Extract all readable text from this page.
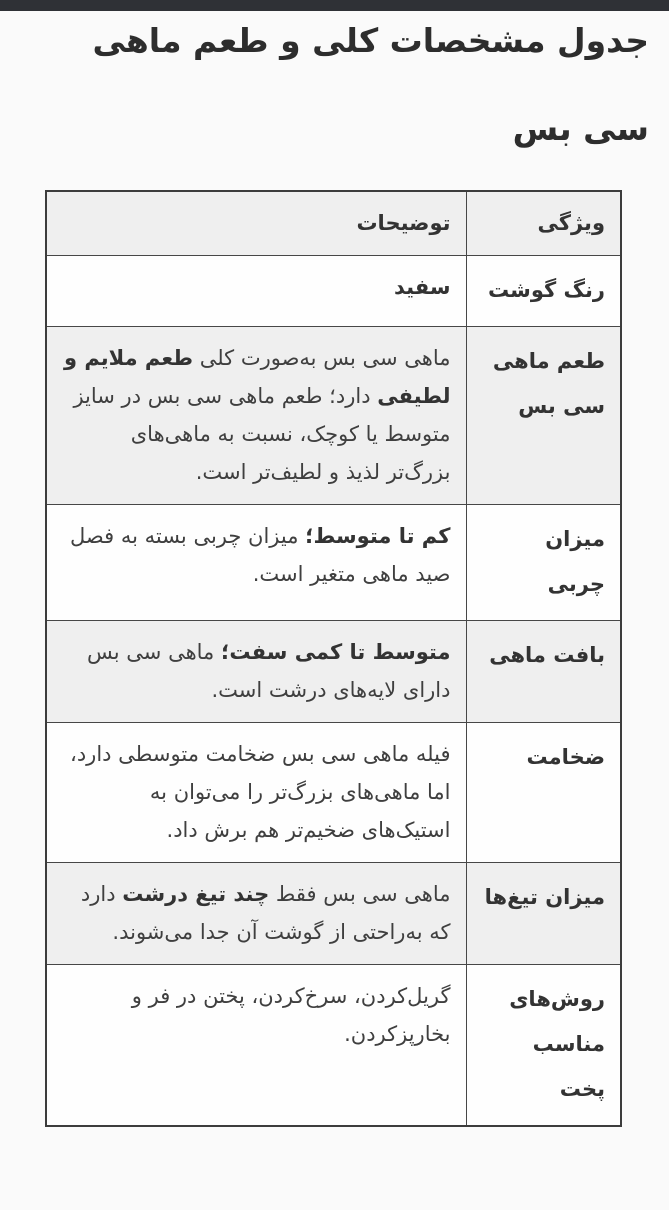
جدول مشخصات کلی و طعم ماهی
سی بس
ویژگی	توضیحات
رنگ گوشت	سفید
طعم ماهی سی بس	ماهی سی بس به‌صورت کلی طعم ملایم و لطیفی دارد؛ طعم ماهی سی بس در سایز متوسط یا کوچک، نسبت به ماهی‌های بزرگ‌تر لذیذ و لطیف‌تر است.
میزان چربی	کم تا متوسط؛ میزان چربی بسته به فصل صید ماهی متغیر است.
بافت ماهی	متوسط تا کمی سفت؛ ماهی سی بس دارای لایه‌های درشت است.
ضخامت	فیله ماهی سی بس ضخامت متوسطی دارد، اما ماهی‌های بزرگ‌تر را می‌توان به استیک‌های ضخیم‌تر هم برش داد.
میزان تیغ‌ها	ماهی سی بس فقط چند تیغ درشت دارد که به‌راحتی از گوشت آن جدا می‌شوند.
روش‌های مناسب پخت	گریل‌کردن، سرخ‌کردن، پختن در فر و بخارپزکردن.
